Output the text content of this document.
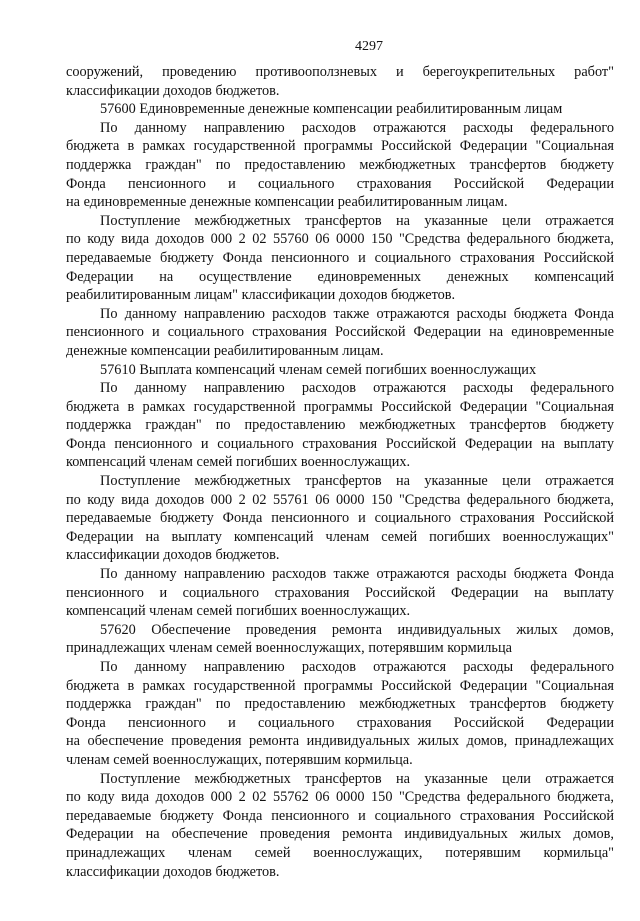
4297
сооружений, проведению противооползневых и берегоукрепительных работ"
классификации доходов бюджетов.
57600 Единовременные денежные компенсации реабилитированным лицам
По данному направлению расходов отражаются расходы федерального
бюджета в рамках государственной программы Российской Федерации "Социальная
поддержка граждан" по предоставлению межбюджетных трансфертов бюджету
Фонда пенсионного и социального страхования Российской Федерации
на единовременные денежные компенсации реабилитированным лицам.
Поступление межбюджетных трансфертов на указанные цели отражается
по коду вида доходов 000 2 02 55760 06 0000 150 "Средства федерального бюджета,
передаваемые бюджету Фонда пенсионного и социального страхования Российской
Федерации на осуществление единовременных денежных компенсаций
реабилитированным лицам" классификации доходов бюджетов.
По данному направлению расходов также отражаются расходы бюджета Фонда
пенсионного и социального страхования Российской Федерации на единовременные
денежные компенсации реабилитированным лицам.
57610 Выплата компенсаций членам семей погибших военнослужащих
По данному направлению расходов отражаются расходы федерального
бюджета в рамках государственной программы Российской Федерации "Социальная
поддержка граждан" по предоставлению межбюджетных трансфертов бюджету
Фонда пенсионного и социального страхования Российской Федерации на выплату
компенсаций членам семей погибших военнослужащих.
Поступление межбюджетных трансфертов на указанные цели отражается
по коду вида доходов 000 2 02 55761 06 0000 150 "Средства федерального бюджета,
передаваемые бюджету Фонда пенсионного и социального страхования Российской
Федерации на выплату компенсаций членам семей погибших военнослужащих"
классификации доходов бюджетов.
По данному направлению расходов также отражаются расходы бюджета Фонда
пенсионного и социального страхования Российской Федерации на выплату
компенсаций членам семей погибших военнослужащих.
57620 Обеспечение проведения ремонта индивидуальных жилых домов,
принадлежащих членам семей военнослужащих, потерявшим кормильца
По данному направлению расходов отражаются расходы федерального
бюджета в рамках государственной программы Российской Федерации "Социальная
поддержка граждан" по предоставлению межбюджетных трансфертов бюджету
Фонда пенсионного и социального страхования Российской Федерации
на обеспечение проведения ремонта индивидуальных жилых домов, принадлежащих
членам семей военнослужащих, потерявшим кормильца.
Поступление межбюджетных трансфертов на указанные цели отражается
по коду вида доходов 000 2 02 55762 06 0000 150 "Средства федерального бюджета,
передаваемые бюджету Фонда пенсионного и социального страхования Российской
Федерации на обеспечение проведения ремонта индивидуальных жилых домов,
принадлежащих членам семей военнослужащих, потерявшим кормильца"
классификации доходов бюджетов.
